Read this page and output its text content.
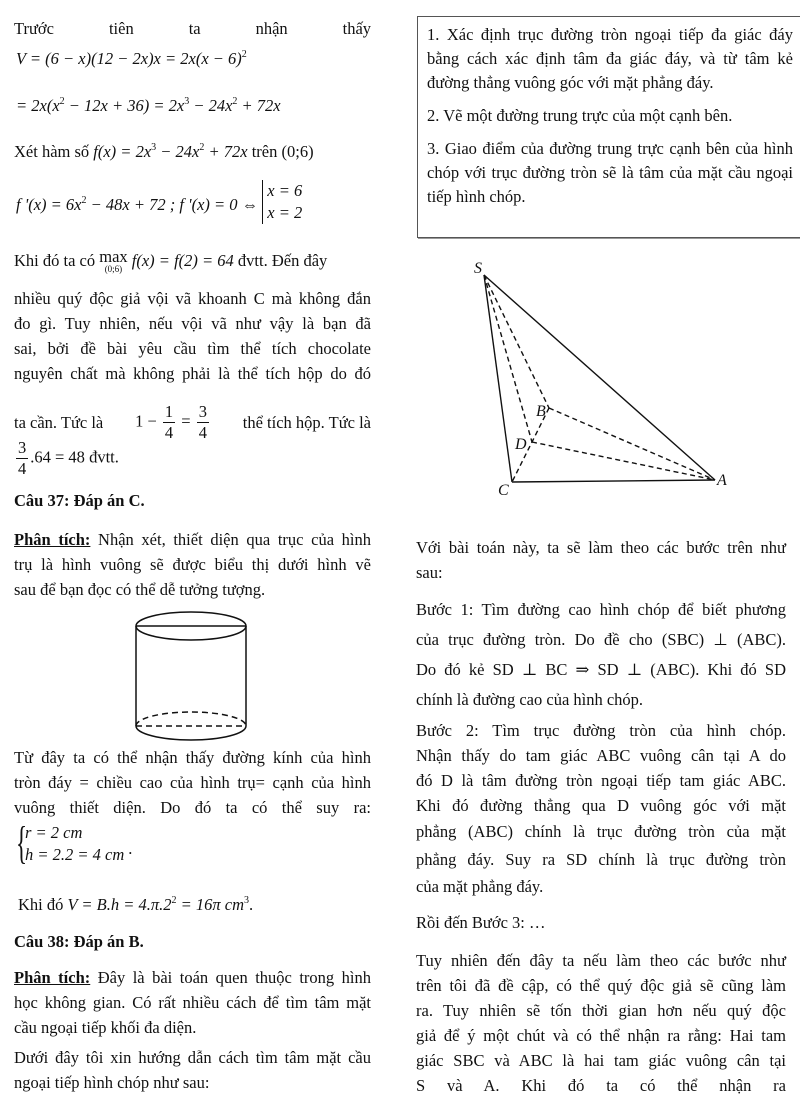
Trước	tiên	ta	nhận	thấy

$V = (6 - x)(12 - 2x)x = 2x(x - 6)^2$

= $2x(x^2 - 12x + 36) = 2x^3 - 24x^2 + 72x$

Xét hàm số $f(x) = 2x^3 - 24x^2 + 72x$ trên (0;6)

f '$(x) = 6x^2 - 48x + 72$ ; f '(x) = 0 ⇔
x = 6
x = 2

Khi đó ta có max
(0;6) f(x) = f(2) = 64 đvtt. Đến đây

nhiều quý độc giả vội vã khoanh C mà không đắn

đo gì. Tuy nhiên, nếu vội vã như vậy là bạn đã

sai, bởi đề bài yêu cầu tìm thể tích chocolate

nguyên chất mà không phải là thể tích hộp do đó

ta cần. Tức là $1 - \frac{1}{4} = \frac{3}{4}$ thể tích hộp. Tức là

$\frac{3}{4} .64 = 48$ đvtt.

Câu 37: Đáp án C.

Phân tích: Nhận xét, thiết diện qua trục của hình

trụ là hình vuông sẽ được biểu thị dưới hình vẽ

sau để bạn đọc có thể dễ tưởng tượng.

Từ đây ta có thể nhận thấy đường kính của hình

tròn đáy = chiều cao của hình trụ= cạnh của hình

vuông thiết diện. Do đó ta có thể suy ra:

{
r = 2 cm
h = 2.2 = 4 cm .

Khi đó $V = B.h = 4.\pi.2^2 = 16\pi$ $cm^3$.

Câu 38: Đáp án B.

Phân tích: Đây là bài toán quen thuộc trong hình

học không gian. Có rất nhiều cách để tìm tâm mặt

cầu ngoại tiếp khối đa diện.

Dưới đây tôi xin hướng dẫn cách tìm tâm mặt cầu

ngoại tiếp hình chóp như sau:

1. Xác định trục đường tròn ngoại tiếp đa giác đáy bằng cách xác định tâm đa giác đáy, và từ tâm kẻ đường thẳng vuông góc với mặt phẳng đáy.

2. Vẽ một đường trung trực của một cạnh bên.

3. Giao điểm của đường trung trực cạnh bên của hình chóp với trục đường tròn sẽ là tâm của mặt cầu ngoại tiếp hình chóp.

S
B
D
C
A

Với bài toán này, ta sẽ làm theo các bước trên như

sau:

Bước 1: Tìm đường cao hình chóp để biết phương

của trục đường tròn. Do đề cho (SBC) ⊥ (ABC).

Do đó kẻ SD ⊥ BC ⇒ SD ⊥ (ABC). Khi đó SD

chính là đường cao của hình chóp.

Bước 2: Tìm trục đường tròn của hình chóp.

Nhận thấy do tam giác ABC vuông cân tại A do

đó D là tâm đường tròn ngoại tiếp tam giác ABC.

Khi đó đường thẳng qua D vuông góc với mặt

phẳng (ABC) chính là trục đường tròn của mặt

phẳng đáy. Suy ra SD chính là trục đường tròn

của mặt phẳng đáy.

Rồi đến Bước 3: …

Tuy nhiên đến đây ta nếu làm theo các bước như

trên tôi đã đề cập, có thể quý độc giả sẽ cũng làm

ra. Tuy nhiên sẽ tốn thời gian hơn nếu quý độc

giả để ý một chút và có thể nhận ra rằng: Hai tam

giác SBC và ABC là hai tam giác vuông cân tại

S và A. Khi đó ta có thể nhận ra
